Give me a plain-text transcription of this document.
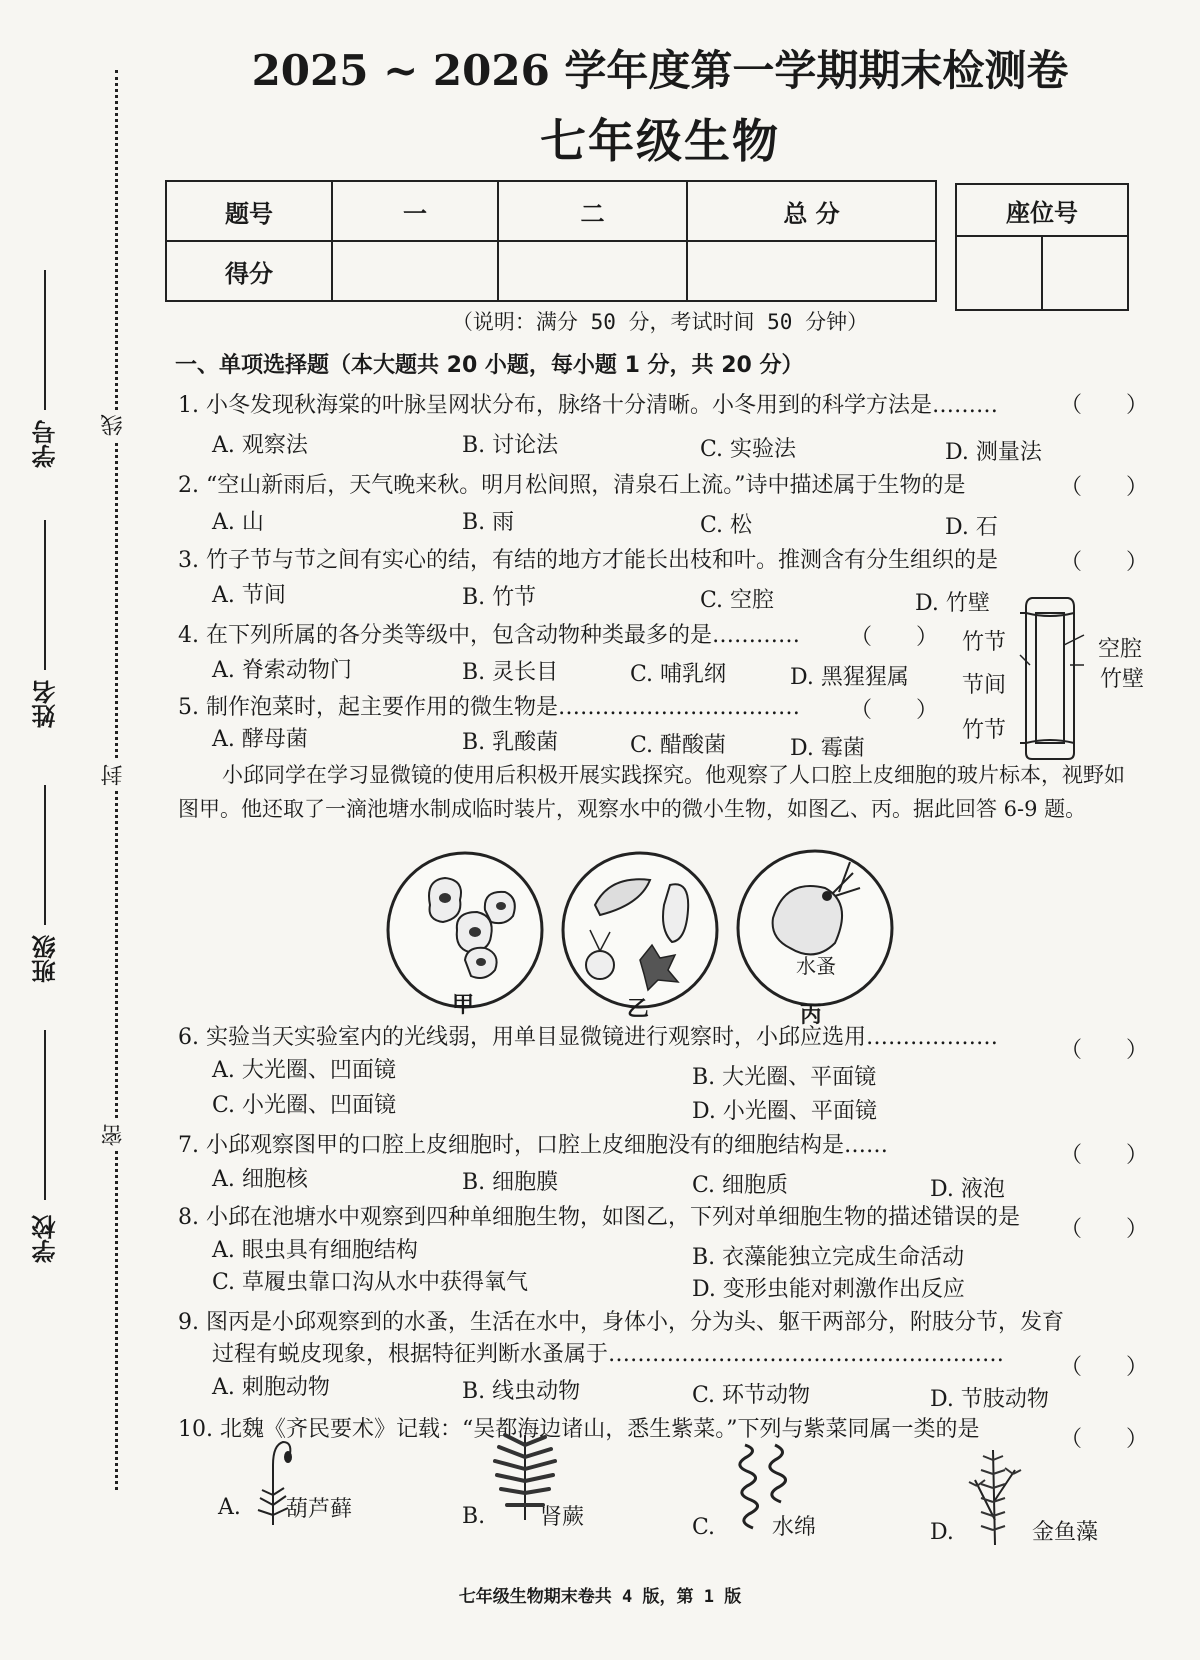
学号
姓名
班级
学校
线
封
密
2025 ~ 2026 学年度第一学期期末检测卷
七年级生物
题号	一	二	总 分
得分			
座位号

（说明：满分 50 分，考试时间 50 分钟）
一、单项选择题（本大题共 20 小题，每小题 1 分，共 20 分）
1. 小冬发现秋海棠的叶脉呈网状分布，脉络十分清晰。小冬用到的科学方法是………	（　　）
A. 观察法	B. 讨论法	C. 实验法	D. 测量法
2. “空山新雨后，天气晚来秋。明月松间照，清泉石上流。”诗中描述属于生物的是	（　　）
A. 山	B. 雨	C. 松	D. 石
3. 竹子节与节之间有实心的结，有结的地方才能长出枝和叶。推测含有分生组织的是	（　　）
A. 节间	B. 竹节	C. 空腔	D. 竹壁
4. 在下列所属的各分类等级中，包含动物种类最多的是………… （　　）
A. 脊索动物门	B. 灵长目	C. 哺乳纲	D. 黑猩猩属
5. 制作泡菜时，起主要作用的微生物是…………………………… （　　）
A. 酵母菌	B. 乳酸菌	C. 醋酸菌	D. 霉菌
竹节	空腔
竹壁
节间
竹节
小邱同学在学习显微镜的使用后积极开展实践探究。他观察了人口腔上皮细胞的玻片标本，视野如图甲。他还取了一滴池塘水制成临时装片，观察水中的微小生物，如图乙、丙。据此回答 6-9 题。
水蚤
甲	乙	丙
6. 实验当天实验室内的光线弱，用单目显微镜进行观察时，小邱应选用………………
（　　）
A. 大光圈、凹面镜	B. 大光圈、平面镜
C. 小光圈、凹面镜	D. 小光圈、平面镜
7. 小邱观察图甲的口腔上皮细胞时，口腔上皮细胞没有的细胞结构是……	（　　）
A. 细胞核	B. 细胞膜	C. 细胞质	D. 液泡
8. 小邱在池塘水中观察到四种单细胞生物，如图乙，下列对单细胞生物的描述错误的是 （　　）
A. 眼虫具有细胞结构	B. 衣藻能独立完成生命活动
C. 草履虫靠口沟从水中获得氧气	D. 变形虫能对刺激作出反应
9. 图丙是小邱观察到的水蚤，生活在水中，身体小，分为头、躯干两部分，附肢分节，发育
过程有蜕皮现象，根据特征判断水蚤属于………………………………………………
（　　）
A. 刺胞动物	B. 线虫动物	C. 环节动物	D. 节肢动物
10. 北魏《齐民要术》记载：“吴都海边诸山，悉生紫菜。”下列与紫菜同属一类的是	（　　）
A. 葫芦藓	B. 肾蕨	C.	水绵	D.	金鱼藻
七年级生物期末卷共 4 版，第 1 版
